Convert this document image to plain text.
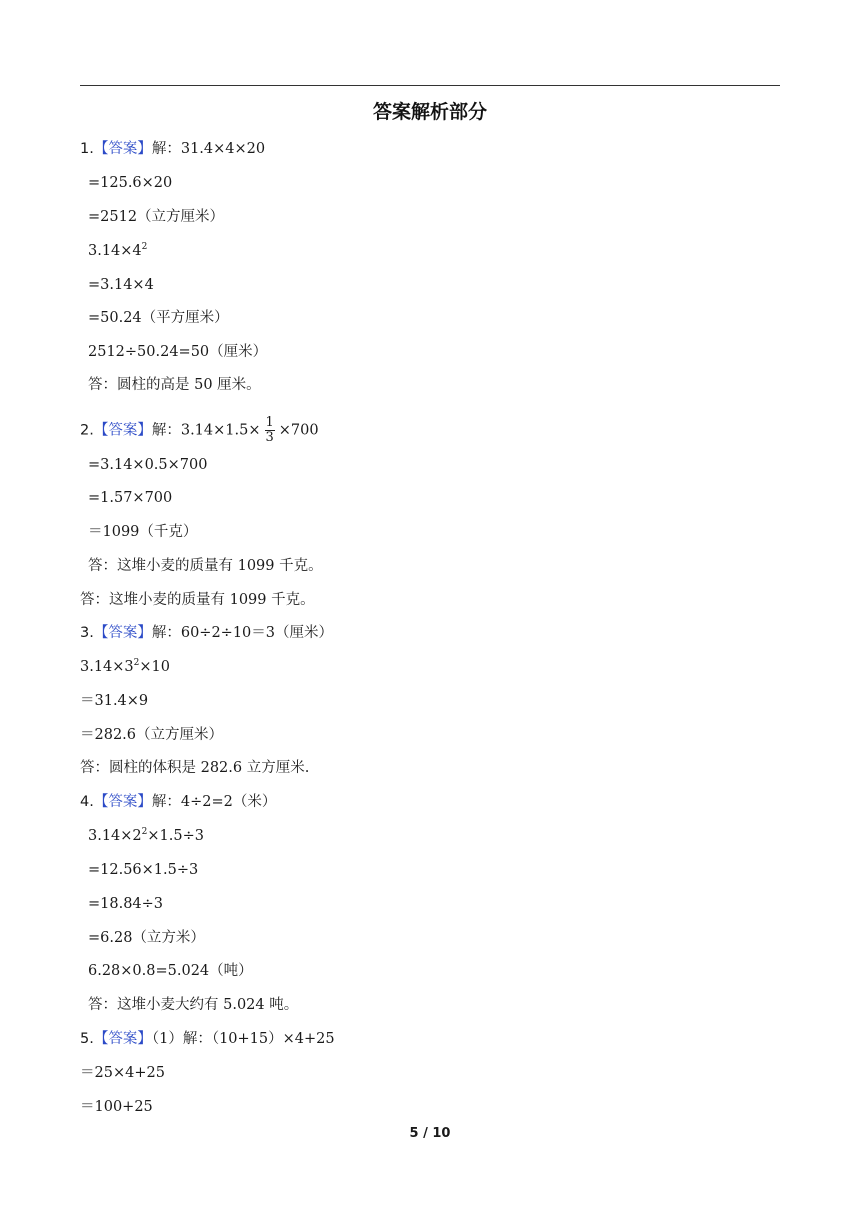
答案解析部分
1.【答案】解：31.4×4×20
=125.6×20
=2512（立方厘米）
$3.14\times 4^2$
=3.14×4
=50.24（平方厘米）
2512÷50.24=50（厘米）
答：圆柱的高是 50 厘米。
2.【答案】解：$3.14\times 1.5\times \frac{1}{3} \times 700$
=3.14×0.5×700
=1.57×700
＝1099（千克）
答：这堆小麦的质量有 1099 千克。
答：这堆小麦的质量有 1099 千克。
3.【答案】解：60÷2÷10＝3（厘米）
$3.14\times 3^2\times 10$
＝31.4×9
＝282.6（立方厘米）
答：圆柱的体积是 282.6 立方厘米.
4.【答案】解：4÷2=2（米）
$3.14\times 2^2\times 1.5\div 3$
=12.56×1.5÷3
=18.84÷3
=6.28（立方米）
6.28×0.8=5.024（吨）
答：这堆小麦大约有 5.024 吨。
5.【答案】（1）解：（10+15）×4+25
＝25×4+25
＝100+25
5 / 10
